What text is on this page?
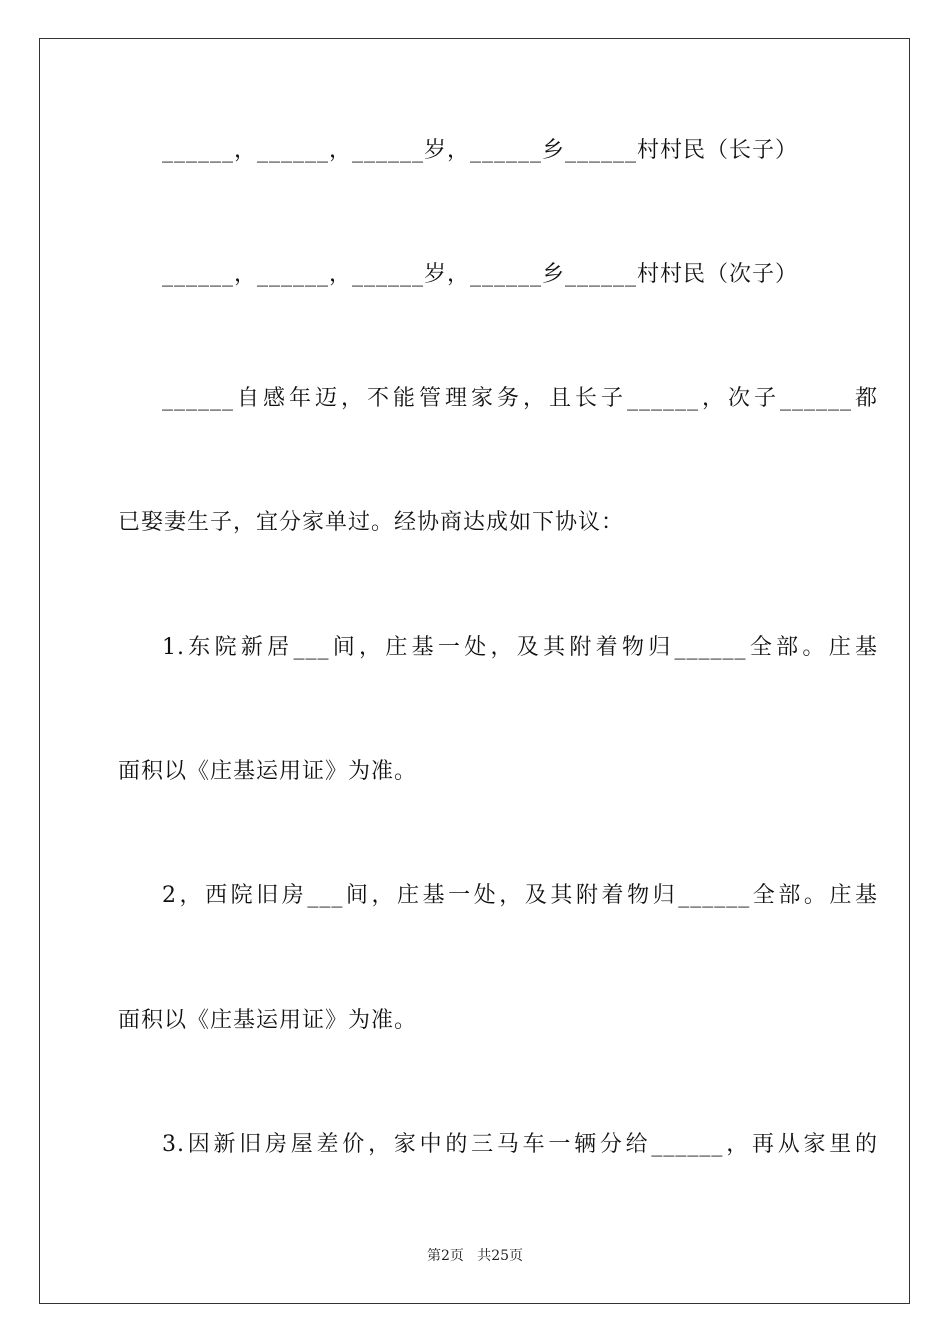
______，______，______岁，______乡______村村民（长子）
______，______，______岁，______乡______村村民（次子）
______自感年迈，不能管理家务，且长子______，次子______都
已娶妻生子，宜分家单过。经协商达成如下协议：
1.东院新居___间，庄基一处，及其附着物归______全部。庄基
面积以《庄基运用证》为准。
2，西院旧房___间，庄基一处，及其附着物归______全部。庄基
面积以《庄基运用证》为准。
3.因新旧房屋差价，家中的三马车一辆分给______，再从家里的
第2页   共25页
